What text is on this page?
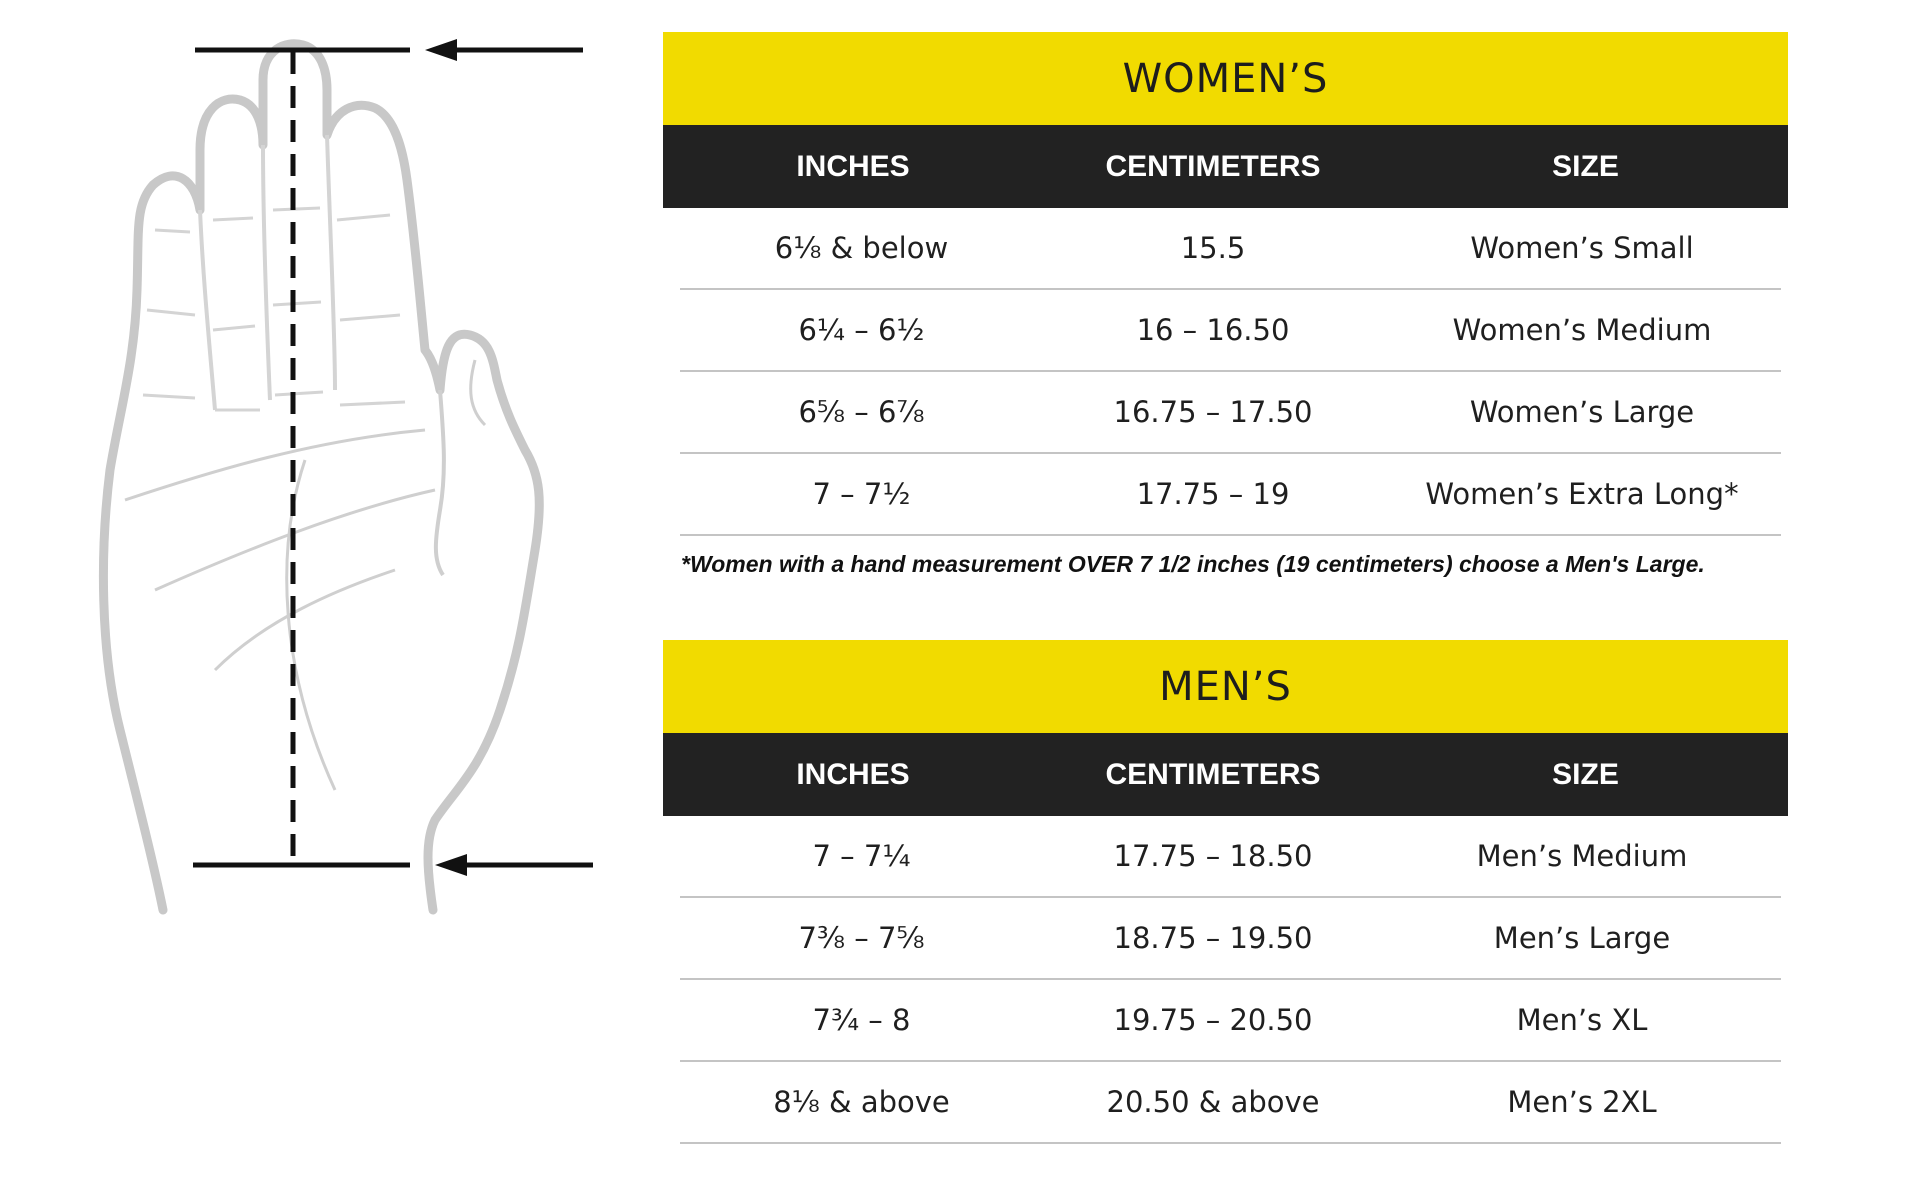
WOMEN’S
INCHES	CENTIMETERS	SIZE
6⅛ & below	15.5	Women’s Small
6¼ – 6½	16 – 16.50	Women’s Medium
6⅝ – 6⅞	16.75 – 17.50	Women’s Large
7 – 7½	17.75 – 19	Women’s Extra Long*
*Women with a hand measurement OVER 7 1/2 inches (19 centimeters) choose a Men's Large.
MEN’S
INCHES	CENTIMETERS	SIZE
7 – 7¼	17.75 – 18.50	Men’s Medium
7⅜ – 7⅝	18.75 – 19.50	Men’s Large
7¾ – 8	19.75 – 20.50	Men’s XL
8⅛ & above	20.50 & above	Men’s 2XL
